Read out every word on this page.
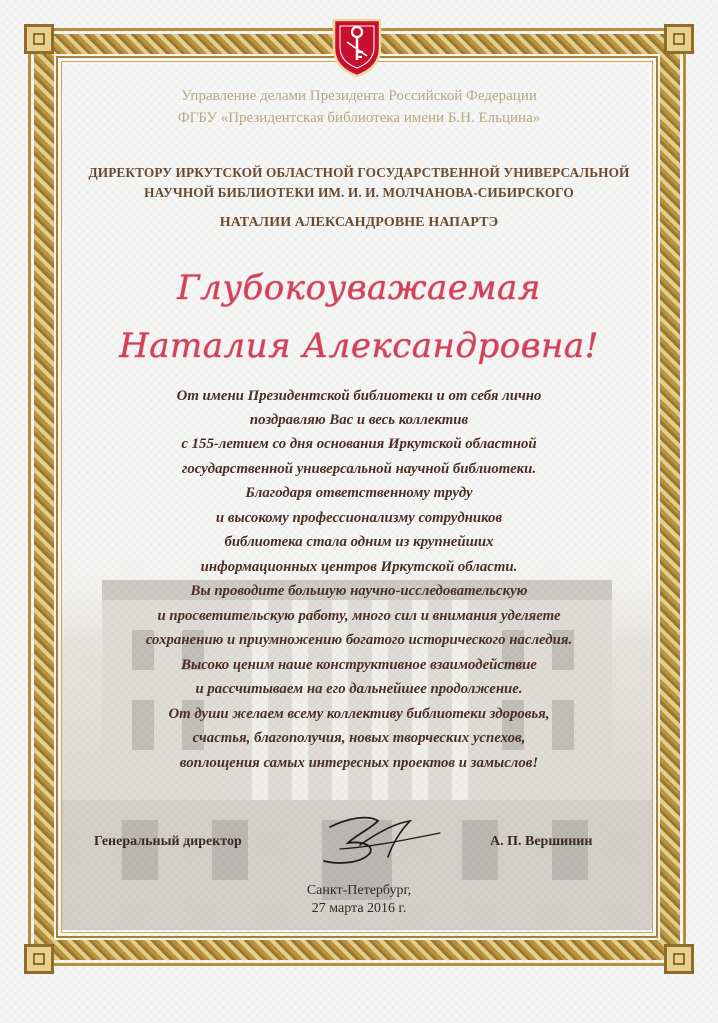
Управление делами Президента Российской Федерации
ФГБУ «Президентская библиотека имени Б.Н. Ельцина»
ДИРЕКТОРУ ИРКУТСКОЙ ОБЛАСТНОЙ ГОСУДАРСТВЕННОЙ УНИВЕРСАЛЬНОЙ
НАУЧНОЙ БИБЛИОТЕКИ ИМ. И. И. МОЛЧАНОВА-СИБИРСКОГО
НАТАЛИИ АЛЕКСАНДРОВНЕ НАПАРТЭ
Глубокоуважаемая
Наталия Александровна!
От имени Президентской библиотеки и от себя лично
поздравляю Вас и весь коллектив
с 155-летием со дня основания Иркутской областной
государственной универсальной научной библиотеки.
Благодаря ответственному труду
и высокому профессионализму сотрудников
библиотека стала одним из крупнейших
информационных центров Иркутской области.
Вы проводите большую научно-исследовательскую
и просветительскую работу, много сил и внимания уделяете
сохранению и приумножению богатого исторического наследия.
Высоко ценим наше конструктивное взаимодействие
и рассчитываем на его дальнейшее продолжение.
От души желаем всему коллективу библиотеки здоровья,
счастья, благополучия, новых творческих успехов,
воплощения самых интересных проектов и замыслов!
Генеральный директор	А. П. Вершинин
Санкт-Петербург,
27 марта 2016 г.
